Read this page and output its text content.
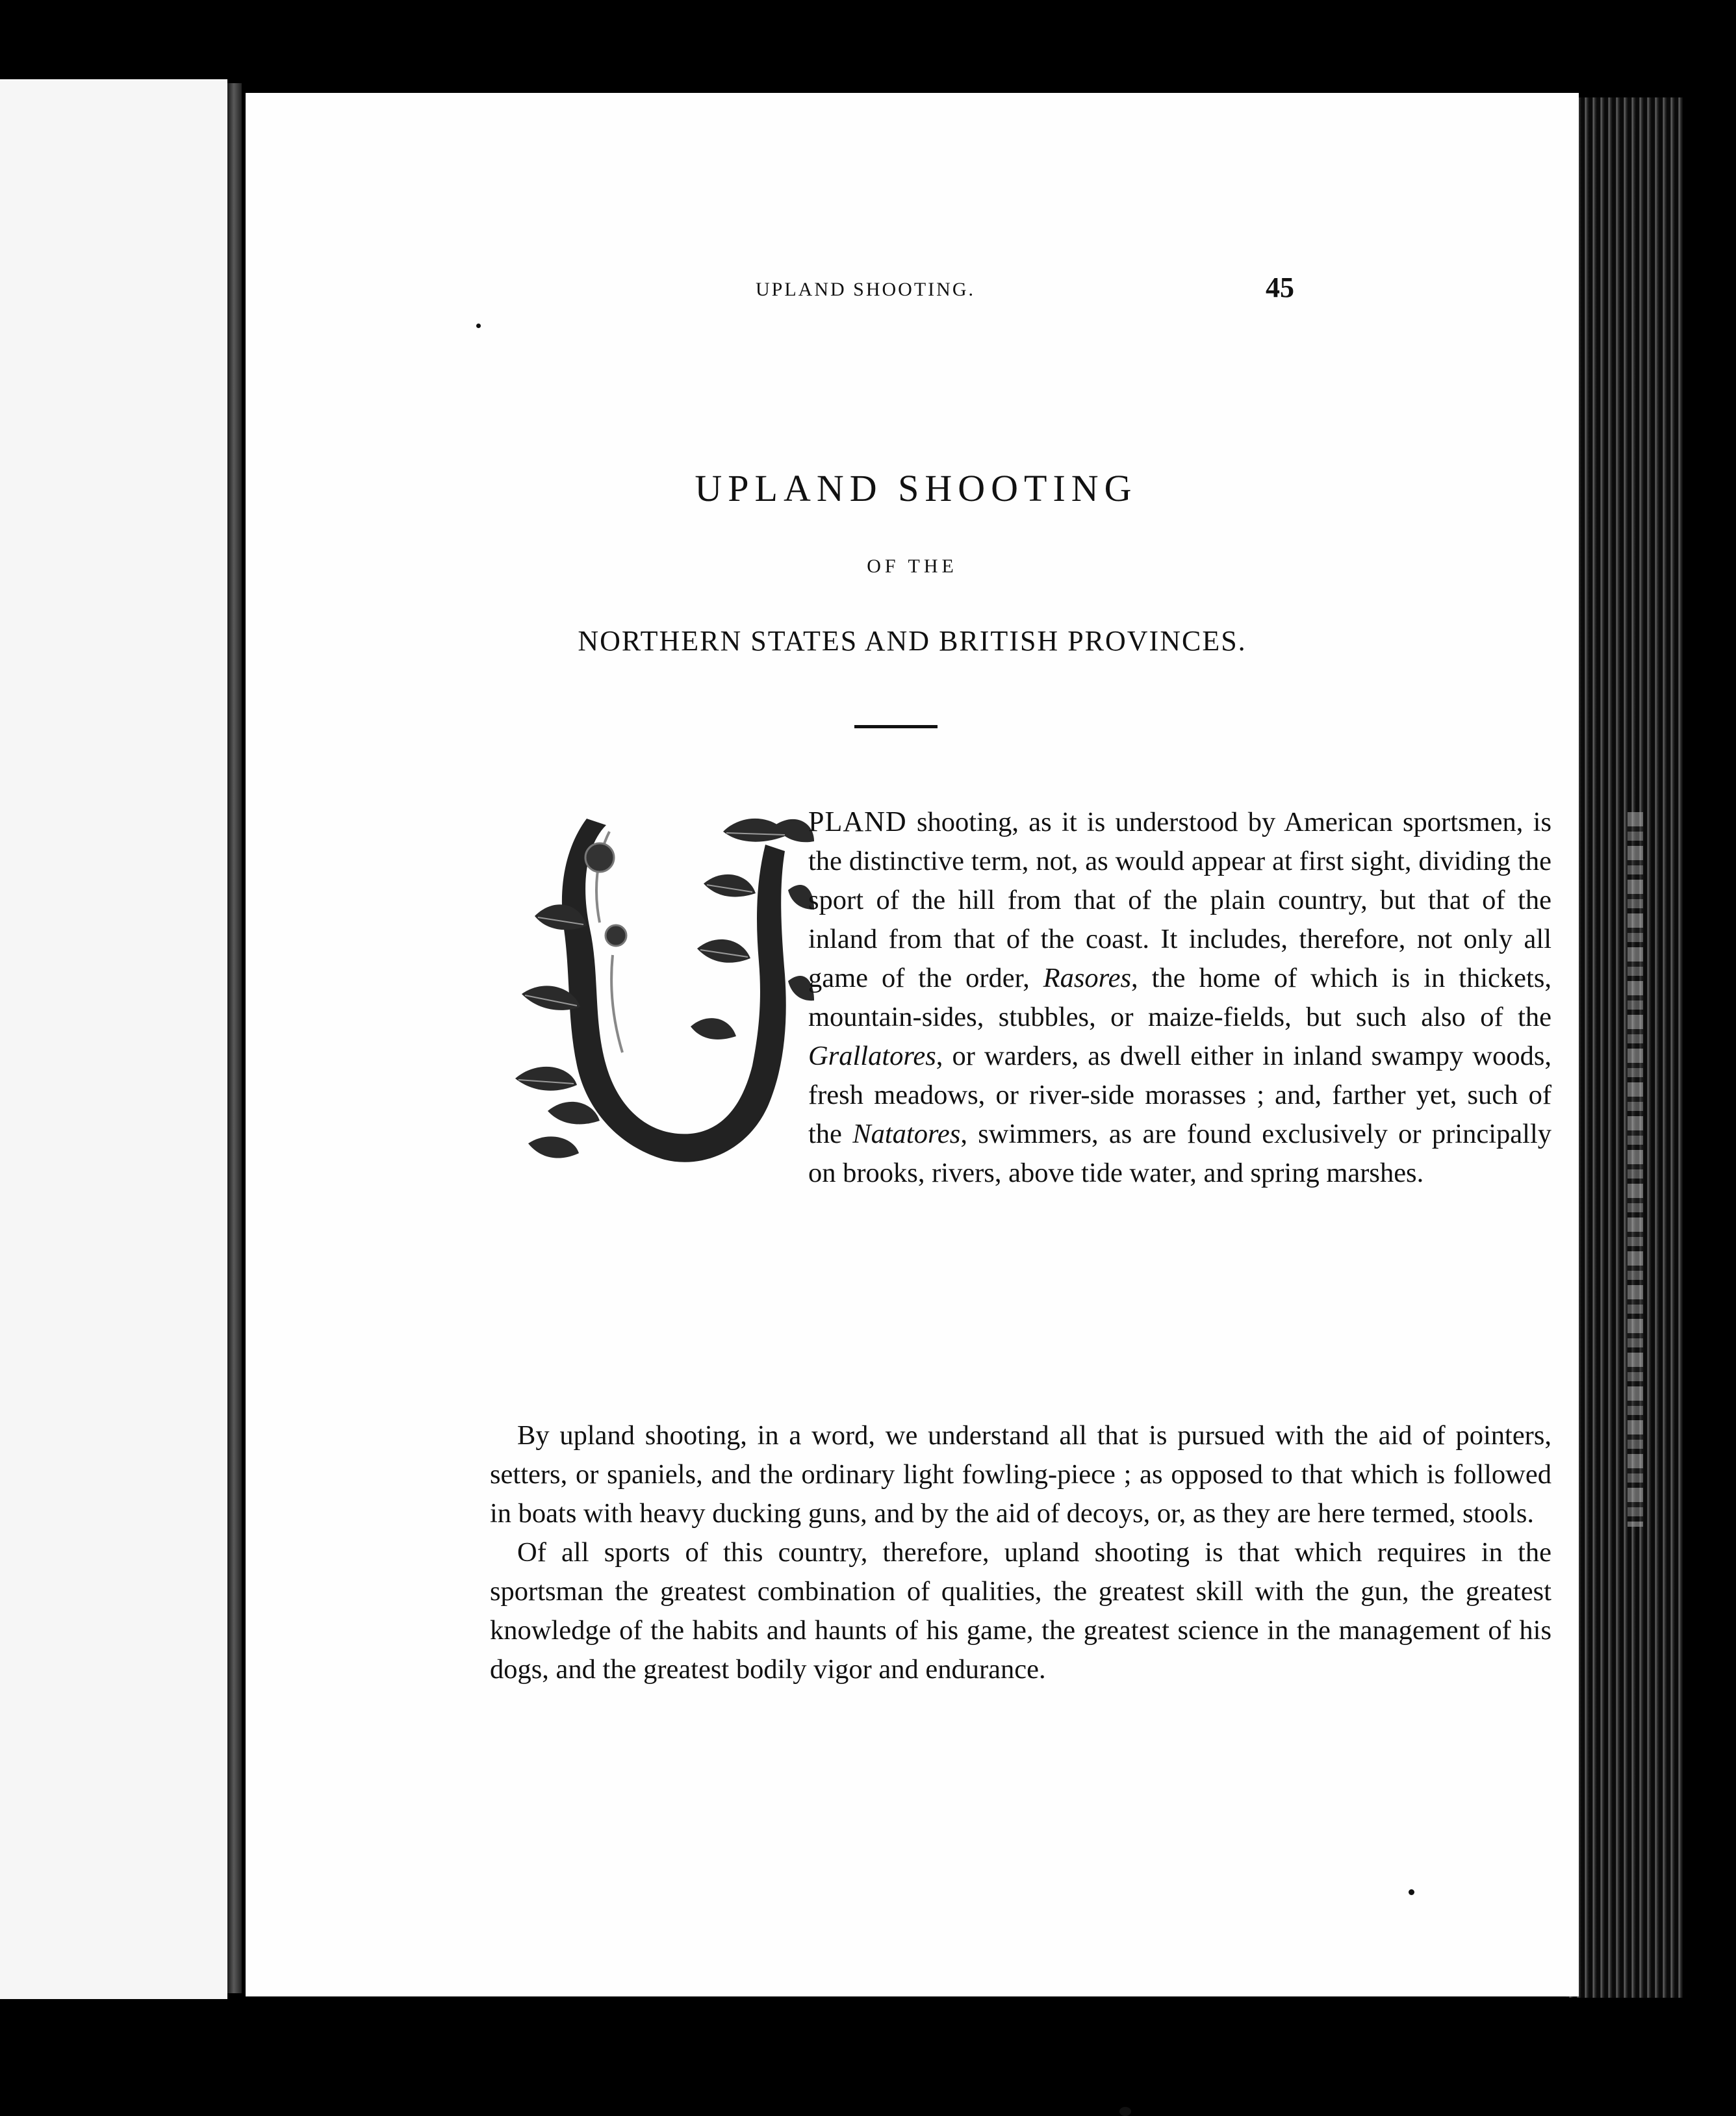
UPLAND SHOOTING.	45
UPLAND SHOOTING
OF THE
NORTHERN STATES AND BRITISH PROVINCES.

PLAND shooting, as it is understood by American sportsmen, is the distinctive term, not, as would appear at first sight, dividing the sport of the hill from that of the plain country, but that of the inland from that of the coast. It includes, therefore, not only all game of the order, Rasores, the home of which is in thickets, mountain-sides, stubbles, or maize-fields, but such also of the Grallatores, or warders, as dwell either in inland swampy woods, fresh meadows, or river-side morasses ; and, farther yet, such of the Natatores, swimmers, as are found exclusively or principally on brooks, rivers, above tide water, and spring marshes.

By upland shooting, in a word, we understand all that is pursued with the aid of pointers, setters, or spaniels, and the ordinary light fowling-piece ; as opposed to that which is followed in boats with heavy ducking guns, and by the aid of decoys, or, as they are here termed, stools.

Of all sports of this country, therefore, upland shooting is that which requires in the sportsman the greatest combination of qualities, the greatest skill with the gun, the greatest knowledge of the habits and haunts of his game, the greatest science in the management of his dogs, and the greatest bodily vigor and endurance.
